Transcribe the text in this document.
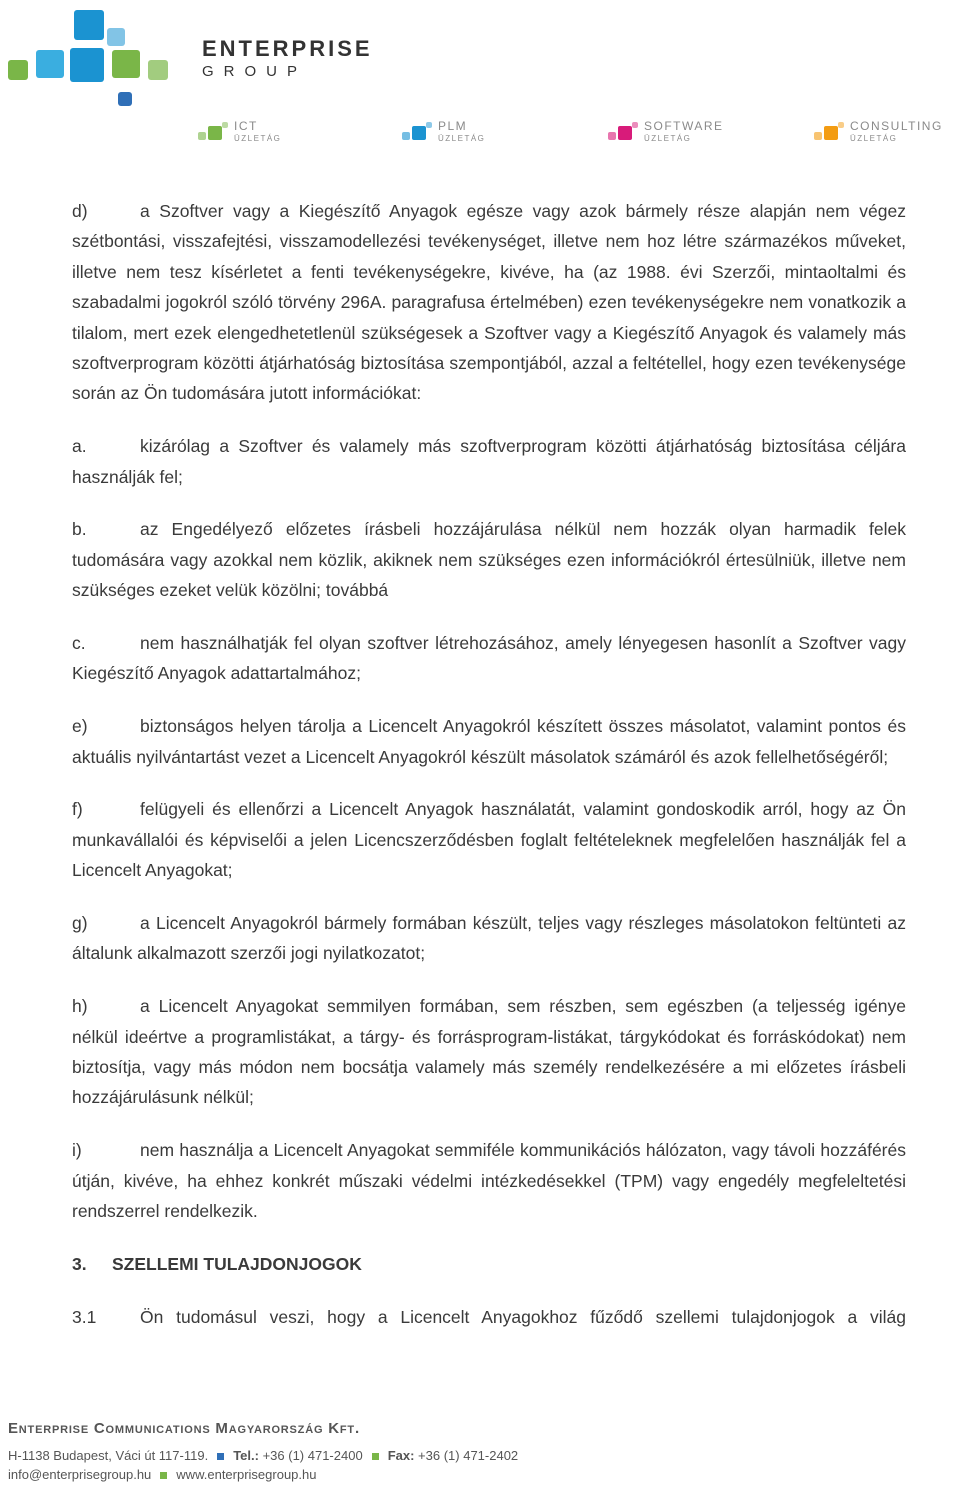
ENTERPRISE
GROUP
ICT
ÜZLETÁG
PLM
ÜZLETÁG
SOFTWARE
ÜZLETÁG
CONSULTING
ÜZLETÁG

d)	a Szoftver vagy a Kiegészítő Anyagok egésze vagy azok bármely része alapján nem végez szétbontási, visszafejtési, visszamodellezési tevékenységet, illetve nem hoz létre származékos műveket, illetve nem tesz kísérletet a fenti tevékenységekre, kivéve, ha (az 1988. évi Szerzői, mintaoltalmi és szabadalmi jogokról szóló törvény 296A. paragrafusa értelmében) ezen tevékenységekre nem vonatkozik a tilalom, mert ezek elengedhetetlenül szükségesek a Szoftver vagy a Kiegészítő Anyagok és valamely más szoftverprogram közötti átjárhatóság biztosítása szempontjából, azzal a feltétellel, hogy ezen tevékenysége során az Ön tudomására jutott információkat:

a.	kizárólag a Szoftver és valamely más szoftverprogram közötti átjárhatóság biztosítása céljára használják fel;

b.	az Engedélyező előzetes írásbeli hozzájárulása nélkül nem hozzák olyan harmadik felek tudomására vagy azokkal nem közlik, akiknek nem szükséges ezen információkról értesülniük, illetve nem szükséges ezeket velük közölni; továbbá

c.	nem használhatják fel olyan szoftver létrehozásához, amely lényegesen hasonlít a Szoftver vagy Kiegészítő Anyagok adattartalmához;

e)	biztonságos helyen tárolja a Licencelt Anyagokról készített összes másolatot, valamint pontos és aktuális nyilvántartást vezet a Licencelt Anyagokról készült másolatok számáról és azok fellelhetőségéről;

f)	felügyeli és ellenőrzi a Licencelt Anyagok használatát, valamint gondoskodik arról, hogy az Ön munkavállalói és képviselői a jelen Licencszerződésben foglalt feltételeknek megfelelően használják fel a Licencelt Anyagokat;

g)	a Licencelt Anyagokról bármely formában készült, teljes vagy részleges másolatokon feltünteti az általunk alkalmazott szerzői jogi nyilatkozatot;

h)	a Licencelt Anyagokat semmilyen formában, sem részben, sem egészben (a teljesség igénye nélkül ideértve a programlistákat, a tárgy- és forrásprogram-listákat, tárgykódokat és forráskódokat) nem biztosítja, vagy más módon nem bocsátja valamely más személy rendelkezésére a mi előzetes írásbeli hozzájárulásunk nélkül;

i)	nem használja a Licencelt Anyagokat semmiféle kommunikációs hálózaton, vagy távoli hozzáférés útján, kivéve, ha ehhez konkrét műszaki védelmi intézkedésekkel (TPM) vagy engedély megfeleltetési rendszerrel rendelkezik.

3. SZELLEMI TULAJDONJOGOK

3.1 Ön tudomásul veszi, hogy a Licencelt Anyagokhoz fűződő szellemi tulajdonjogok a világ

Enterprise Communications Magyarország Kft.
H-1138 Budapest, Váci út 117-119. Tel.: +36 (1) 471-2400 Fax: +36 (1) 471-2402
info@enterprisegroup.hu www.enterprisegroup.hu
